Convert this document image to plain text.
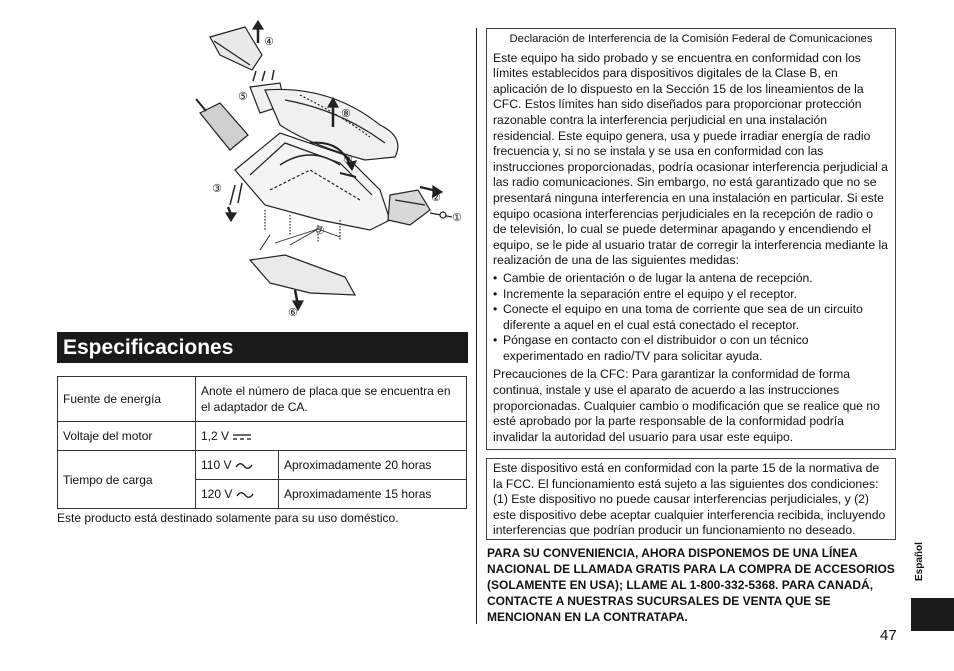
④
⑤
⑧
⑨
③
②
①
⑦
⑥
Especificaciones
Fuente de energía	Anote el número de placa que se encuentra en el adaptador de CA.	
Voltaje del motor	1,2 V	
Tiempo de carga	110 V	Aproximadamente 20 horas
	120 V	Aproximadamente 15 horas
Este producto está destinado solamente para su uso doméstico.
Declaración de Interferencia de la Comisión Federal de Comunicaciones

Este equipo ha sido probado y se encuentra en conformidad con los límites establecidos para dispositivos digitales de la Clase B, en aplicación de lo dispuesto en la Sección 15 de los lineamientos de la CFC. Estos límites han sido diseñados para proporcionar protección razonable contra la interferencia perjudicial en una instalación residencial. Este equipo genera, usa y puede irradiar energía de radio frecuencia y, si no se instala y se usa en conformidad con las instrucciones proporcionadas, podría ocasionar interferencia perjudicial a las radio comunicaciones. Sin embargo, no está garantizado que no se presentará ninguna interferencia en una instalación en particular. Si este equipo ocasiona interferencias perjudiciales en la recepción de radio o de televisión, lo cual se puede determinar apagando y encendiendo el equipo, se le pide al usuario tratar de corregir la interferencia mediante la realización de una de las siguientes medidas:

• Cambie de orientación o de lugar la antena de recepción.
• Incremente la separación entre el equipo y el receptor.
• Conecte el equipo en una toma de corriente que sea de un circuito diferente a aquel en el cual está conectado el receptor.
• Póngase en contacto con el distribuidor o con un técnico experimentado en radio/TV para solicitar ayuda.

Precauciones de la CFC: Para garantizar la conformidad de forma continua, instale y use el aparato de acuerdo a las instrucciones proporcionadas. Cualquier cambio o modificación que se realice que no esté aprobado por la parte responsable de la conformidad podría invalidar la autoridad del usuario para usar este equipo.

Este dispositivo está en conformidad con la parte 15 de la normativa de la FCC. El funcionamiento está sujeto a las siguientes dos condiciones: (1) Este dispositivo no puede causar interferencias perjudiciales, y (2) este dispositivo debe aceptar cualquier interferencia recibida, incluyendo interferencias que podrían producir un funcionamiento no deseado.

PARA SU CONVENIENCIA, AHORA DISPONEMOS DE UNA LÍNEA NACIONAL DE LLAMADA GRATIS PARA LA COMPRA DE ACCESORIOS (SOLAMENTE EN USA); LLAME AL 1-800-332-5368. PARA CANADÁ, CONTACTE A NUESTRAS SUCURSALES DE VENTA QUE SE MENCIONAN EN LA CONTRATAPA.
Español
47
